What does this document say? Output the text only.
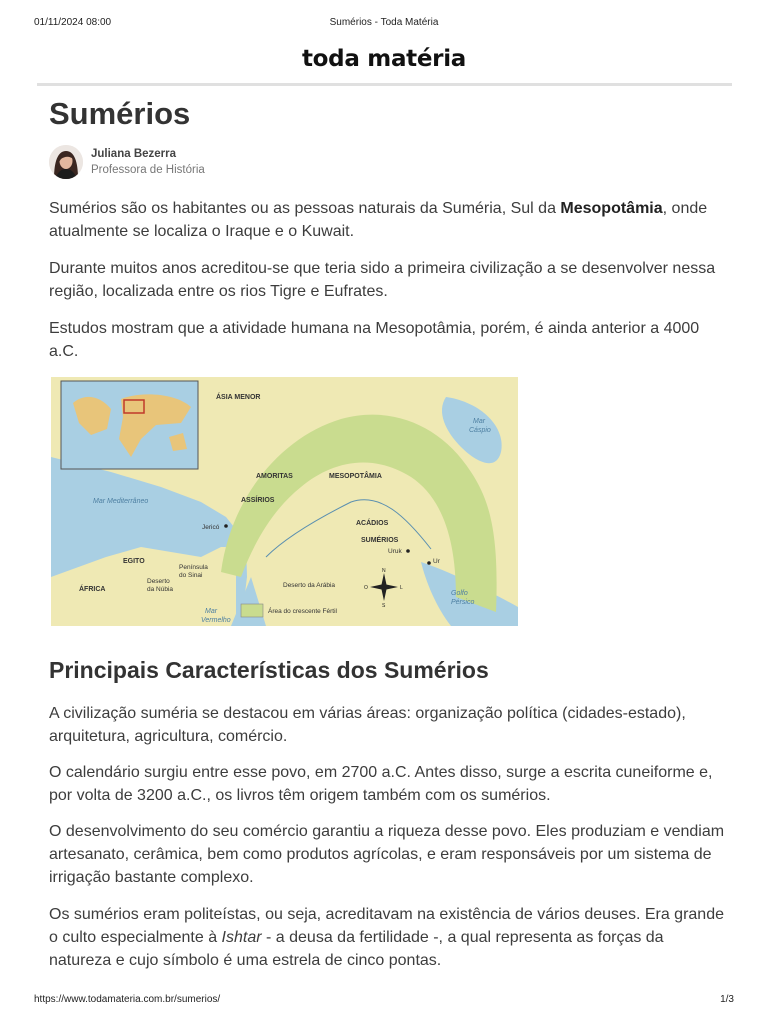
01/11/2024 08:00	Sumérios - Toda Matéria
toda matéria
Sumérios
Juliana Bezerra
Professora de História

Sumérios são os habitantes ou as pessoas naturais da Suméria, Sul da Mesopotâmia, onde atualmente se localiza o Iraque e o Kuwait.

Durante muitos anos acreditou-se que teria sido a primeira civilização a se desenvolver nessa região, localizada entre os rios Tigre e Eufrates.

Estudos mostram que a atividade humana na Mesopotâmia, porém, é ainda anterior a 4000 a.C.

ÁSIA MENOR
AMORITAS	MESOPOTÂMIA
ASSÍRIOS
ACÁDIOS
SUMÉRIOS
EGITO
ÁFRICA
Uruk
Ur
Jericó
Península
do Sinai
Deserto
da Núbia
Deserto da Arábia
Mar
Cáspio
Mar Mediterrâneo
Mar
Vermelho
Golfo
Pérsico
N
S
L
O
Área do crescente Fértil
Principais Características dos Sumérios

A civilização suméria se destacou em várias áreas: organização política (cidades-estado), arquitetura, agricultura, comércio.

O calendário surgiu entre esse povo, em 2700 a.C. Antes disso, surge a escrita cuneiforme e, por volta de 3200 a.C., os livros têm origem também com os sumérios.

O desenvolvimento do seu comércio garantiu a riqueza desse povo. Eles produziam e vendiam artesanato, cerâmica, bem como produtos agrícolas, e eram responsáveis por um sistema de irrigação bastante complexo.

Os sumérios eram politeístas, ou seja, acreditavam na existência de vários deuses. Era grande o culto especialmente à Ishtar - a deusa da fertilidade -, a qual representa as forças da natureza e cujo símbolo é uma estrela de cinco pontas.

https://www.todamateria.com.br/sumerios/	1/3
